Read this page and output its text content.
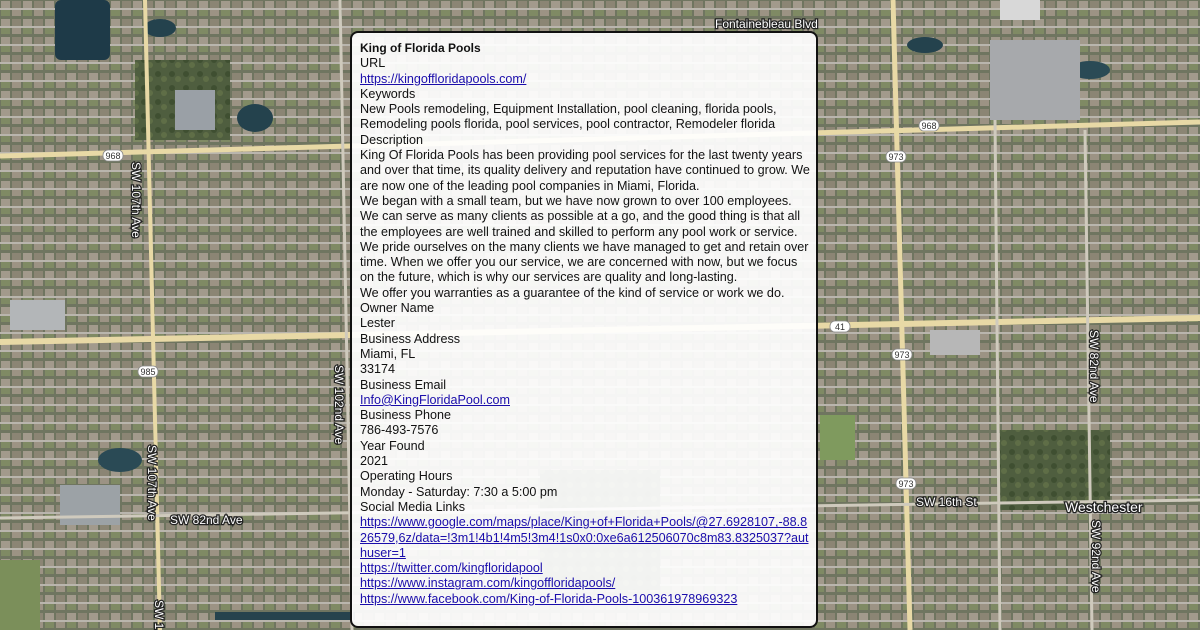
SW 107th Ave
SW 102nd Ave
SW 82nd Ave
SW 107th Ave
SW 1
SW 16th St
SW 82nd Ave
SW 92nd Ave
Fontainebleau Blvd
Westchester
968
968
973
973
973
985
41
King of Florida Pools
URL
https://kingoffloridapools.com/
Keywords
New Pools remodeling, Equipment Installation, pool cleaning, florida pools, Remodeling pools florida, pool services, pool contractor, Remodeler florida
Description
King Of Florida Pools has been providing pool services for the last twenty years and over that time, its quality delivery and reputation have continued to grow. We are now one of the leading pool companies in Miami, Florida.
We began with a small team, but we have now grown to over 100 employees. We can serve as many clients as possible at a go, and the good thing is that all the employees are well trained and skilled to perform any pool work or service.
We pride ourselves on the many clients we have managed to get and retain over time. When we offer you our service, we are concerned with now, but we focus on the future, which is why our services are quality and long-lasting.
We offer you warranties as a guarantee of the kind of service or work we do.
Owner Name
Lester
Business Address
Miami, FL
33174
Business Email
Info@KingFloridaPool.com
Business Phone
786-493-7576
Year Found
2021
Operating Hours
Monday - Saturday: 7:30 a 5:00 pm
Social Media Links
https://www.google.com/maps/place/King+of+Florida+Pools/@27.6928107,-88.826579,6z/data=!3m1!4b1!4m5!3m4!1s0x0:0xe6a612506070c8m83.8325037?authuser=1
https://twitter.com/kingfloridapool
https://www.instagram.com/kingoffloridapools/
https://www.facebook.com/King-of-Florida-Pools-100361978969323
